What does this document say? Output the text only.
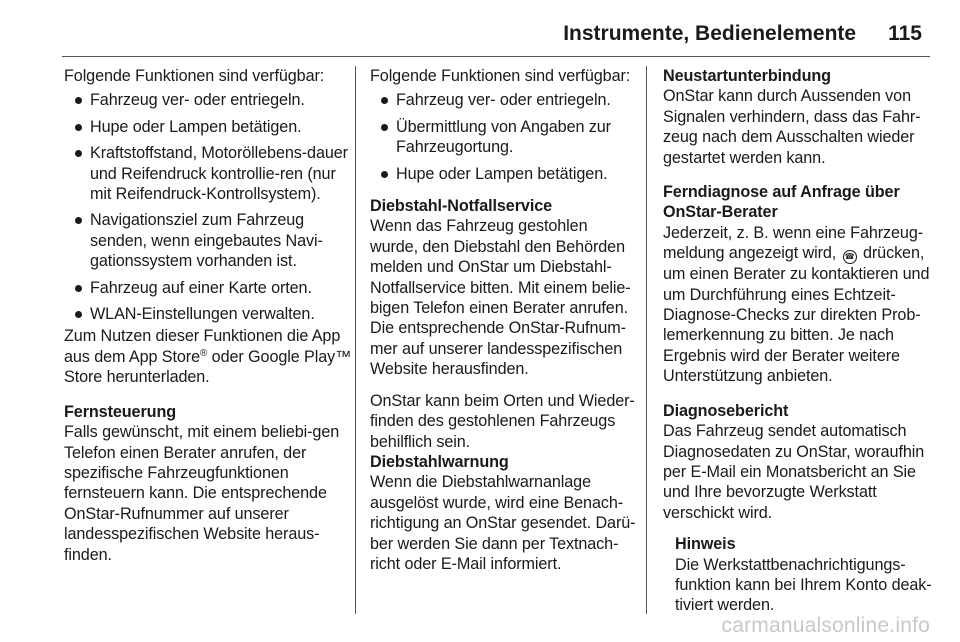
Instrumente, Bedienelemente 115

Folgende Funktionen sind verfügbar:

Fahrzeug ver- oder entriegeln.
Hupe oder Lampen betätigen.
Kraftstoffstand, Motoröllebens-dauer und Reifendruck kontrollie-ren (nur mit Reifendruck-Kontrollsystem).
Navigationsziel zum Fahrzeug senden, wenn eingebautes Navi-gationssystem vorhanden ist.
Fahrzeug auf einer Karte orten.
WLAN-Einstellungen verwalten.

Zum Nutzen dieser Funktionen die App aus dem App Store® oder Google Play™ Store herunterladen.

Fernsteuerung

Falls gewünscht, mit einem beliebi-gen Telefon einen Berater anrufen, der spezifische Fahrzeugfunktionen fernsteuern kann. Die entsprechende OnStar-Rufnummer auf unserer landesspezifischen Website heraus-finden.

Folgende Funktionen sind verfügbar:

Fahrzeug ver- oder entriegeln.
Übermittlung von Angaben zur Fahrzeugortung.
Hupe oder Lampen betätigen.

Diebstahl-Notfallservice

Wenn das Fahrzeug gestohlen wurde, den Diebstahl den Behörden melden und OnStar um Diebstahl-Notfallservice bitten. Mit einem belie-bigen Telefon einen Berater anrufen. Die entsprechende OnStar-Rufnum-mer auf unserer landesspezifischen Website herausfinden.

OnStar kann beim Orten und Wieder-finden des gestohlenen Fahrzeugs behilflich sein.

Diebstahlwarnung

Wenn die Diebstahlwarnanlage ausgelöst wurde, wird eine Benach-richtigung an OnStar gesendet. Darü-ber werden Sie dann per Textnach-richt oder E-Mail informiert.

Neustartunterbindung

OnStar kann durch Aussenden von Signalen verhindern, dass das Fahr-zeug nach dem Ausschalten wieder gestartet werden kann.

Ferndiagnose auf Anfrage über
OnStar-Berater

Jederzeit, z. B. wenn eine Fahrzeug-meldung angezeigt wird, ☎ drücken, um einen Berater zu kontaktieren und um Durchführung eines Echtzeit-Diagnose-Checks zur direkten Prob-lemerkennung zu bitten. Je nach Ergebnis wird der Berater weitere Unterstützung anbieten.

Diagnosebericht

Das Fahrzeug sendet automatisch Diagnosedaten zu OnStar, woraufhin per E-Mail ein Monatsbericht an Sie und Ihre bevorzugte Werkstatt verschickt wird.

Hinweis

Die Werkstattbenachrichtigungs-funktion kann bei Ihrem Konto deak-tiviert werden.

carmanualsonline.info
